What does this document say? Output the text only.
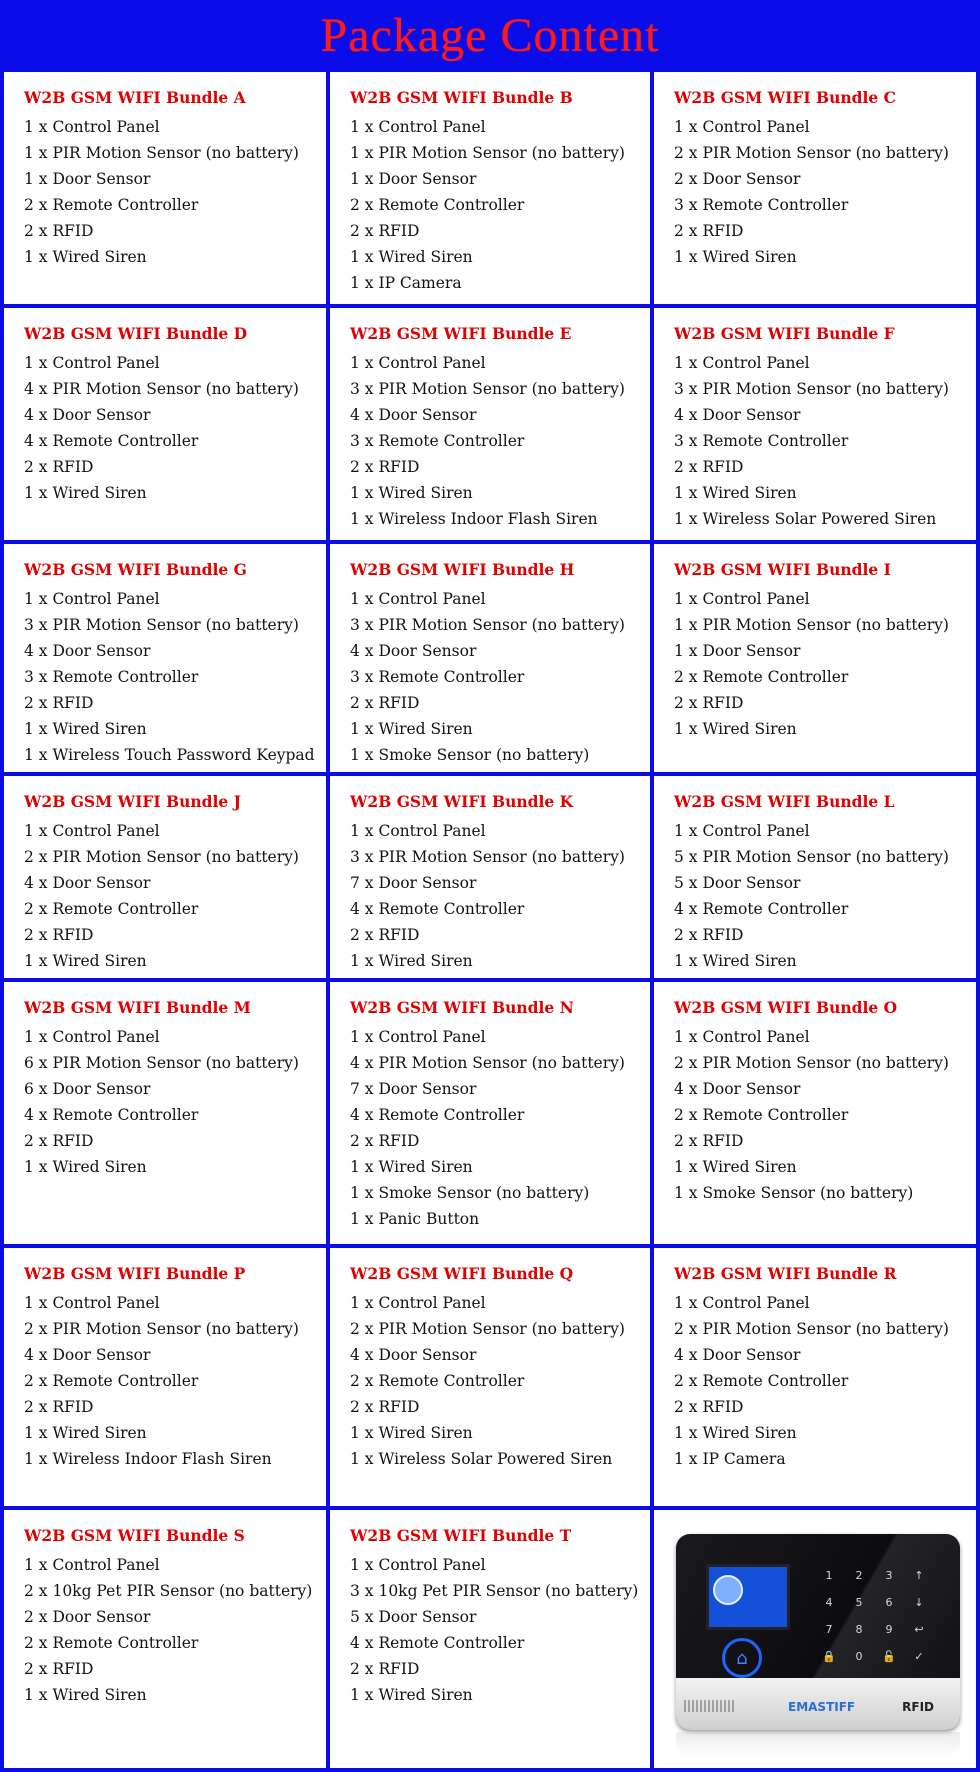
Package Content
W2B GSM WIFI Bundle A
1 x Control Panel
1 x PIR Motion Sensor (no battery)
1 x Door Sensor
2 x Remote Controller
2 x RFID
1 x Wired Siren
W2B GSM WIFI Bundle B
1 x Control Panel
1 x PIR Motion Sensor (no battery)
1 x Door Sensor
2 x Remote Controller
2 x RFID
1 x Wired Siren
1 x IP Camera
W2B GSM WIFI Bundle C
1 x Control Panel
2 x PIR Motion Sensor (no battery)
2 x Door Sensor
3 x Remote Controller
2 x RFID
1 x Wired Siren
W2B GSM WIFI Bundle D
1 x Control Panel
4 x PIR Motion Sensor (no battery)
4 x Door Sensor
4 x Remote Controller
2 x RFID
1 x Wired Siren
W2B GSM WIFI Bundle E
1 x Control Panel
3 x PIR Motion Sensor (no battery)
4 x Door Sensor
3 x Remote Controller
2 x RFID
1 x Wired Siren
1 x Wireless Indoor Flash Siren
W2B GSM WIFI Bundle F
1 x Control Panel
3 x PIR Motion Sensor (no battery)
4 x Door Sensor
3 x Remote Controller
2 x RFID
1 x Wired Siren
1 x Wireless Solar Powered Siren
W2B GSM WIFI Bundle G
1 x Control Panel
3 x PIR Motion Sensor (no battery)
4 x Door Sensor
3 x Remote Controller
2 x RFID
1 x Wired Siren
1 x Wireless Touch Password Keypad
W2B GSM WIFI Bundle H
1 x Control Panel
3 x PIR Motion Sensor (no battery)
4 x Door Sensor
3 x Remote Controller
2 x RFID
1 x Wired Siren
1 x Smoke Sensor (no battery)
W2B GSM WIFI Bundle I
1 x Control Panel
1 x PIR Motion Sensor (no battery)
1 x Door Sensor
2 x Remote Controller
2 x RFID
1 x Wired Siren
W2B GSM WIFI Bundle J
1 x Control Panel
2 x PIR Motion Sensor (no battery)
4 x Door Sensor
2 x Remote Controller
2 x RFID
1 x Wired Siren
W2B GSM WIFI Bundle K
1 x Control Panel
3 x PIR Motion Sensor (no battery)
7 x Door Sensor
4 x Remote Controller
2 x RFID
1 x Wired Siren
W2B GSM WIFI Bundle L
1 x Control Panel
5 x PIR Motion Sensor (no battery)
5 x Door Sensor
4 x Remote Controller
2 x RFID
1 x Wired Siren
W2B GSM WIFI Bundle M
1 x Control Panel
6 x PIR Motion Sensor (no battery)
6 x Door Sensor
4 x Remote Controller
2 x RFID
1 x Wired Siren
W2B GSM WIFI Bundle N
1 x Control Panel
4 x PIR Motion Sensor (no battery)
7 x Door Sensor
4 x Remote Controller
2 x RFID
1 x Wired Siren
1 x Smoke Sensor (no battery)
1 x Panic Button
W2B GSM WIFI Bundle O
1 x Control Panel
2 x PIR Motion Sensor (no battery)
4 x Door Sensor
2 x Remote Controller
2 x RFID
1 x Wired Siren
1 x Smoke Sensor (no battery)
W2B GSM WIFI Bundle P
1 x Control Panel
2 x PIR Motion Sensor (no battery)
4 x Door Sensor
2 x Remote Controller
2 x RFID
1 x Wired Siren
1 x Wireless Indoor Flash Siren
W2B GSM WIFI Bundle Q
1 x Control Panel
2 x PIR Motion Sensor (no battery)
4 x Door Sensor
2 x Remote Controller
2 x RFID
1 x Wired Siren
1 x Wireless Solar Powered Siren
W2B GSM WIFI Bundle R
1 x Control Panel
2 x PIR Motion Sensor (no battery)
4 x Door Sensor
2 x Remote Controller
2 x RFID
1 x Wired Siren
1 x IP Camera
W2B GSM WIFI Bundle S
1 x Control Panel
2 x 10kg Pet PIR Sensor (no battery)
2 x Door Sensor
2 x Remote Controller
2 x RFID
1 x Wired Siren
W2B GSM WIFI Bundle T
1 x Control Panel
3 x 10kg Pet PIR Sensor (no battery)
5 x Door Sensor
4 x Remote Controller
2 x RFID
1 x Wired Siren
⌂
1	2	3	↑
4	5	6	↓
7	8	9	↩
🔒	0	🔓	✓
EMASTIFF	RFID
